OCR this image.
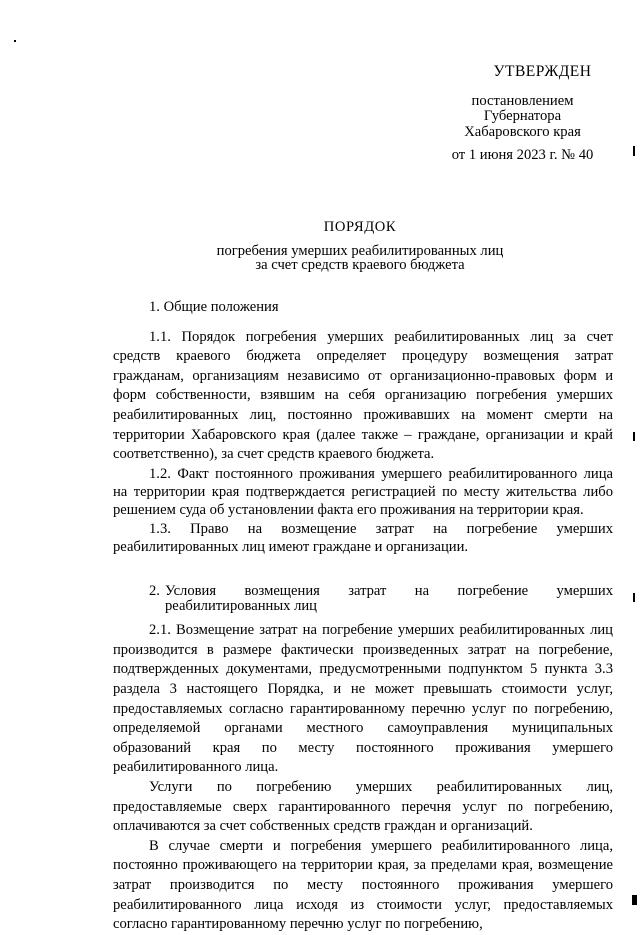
УТВЕРЖДЕН
постановлением
Губернатора
Хабаровского края
от 1 июня 2023 г. № 40
ПОРЯДОК
погребения умерших реабилитированных лиц
за счет средств краевого бюджета
1. Общие положения

1.1. Порядок погребения умерших реабилитированных лиц за счет средств краевого бюджета определяет процедуру возмещения затрат гражданам, организациям независимо от организационно-правовых форм и форм собственности, взявшим на себя организацию погребения умерших реабилитированных лиц, постоянно проживавших на момент смерти на территории Хабаровского края (далее также – граждане, организации и край соответственно), за счет средств краевого бюджета.

1.2. Факт постоянного проживания умершего реабилитированного лица на территории края подтверждается регистрацией по месту жительства либо решением суда об установлении факта его проживания на территории края.

1.3. Право на возмещение затрат на погребение умерших реабилитированных лиц имеют граждане и организации.

2. Условия возмещения затрат на погребение умерших
реабилитированных лиц

2.1. Возмещение затрат на погребение умерших реабилитированных лиц производится в размере фактически произведенных затрат на погребение, подтвержденных документами, предусмотренными подпунктом 5 пункта 3.3 раздела 3 настоящего Порядка, и не может превышать стоимости услуг, предоставляемых согласно гарантированному перечню услуг по погребению, определяемой органами местного самоуправления муниципальных образований края по месту постоянного проживания умершего реабилитированного лица.

Услуги по погребению умерших реабилитированных лиц, предоставляемые сверх гарантированного перечня услуг по погребению, оплачиваются за счет собственных средств граждан и организаций.

В случае смерти и погребения умершего реабилитированного лица, постоянно проживающего на территории края, за пределами края, возмещение затрат производится по месту постоянного проживания умершего реабилитированного лица исходя из стоимости услуг, предоставляемых согласно гарантированному перечню услуг по погребению,
